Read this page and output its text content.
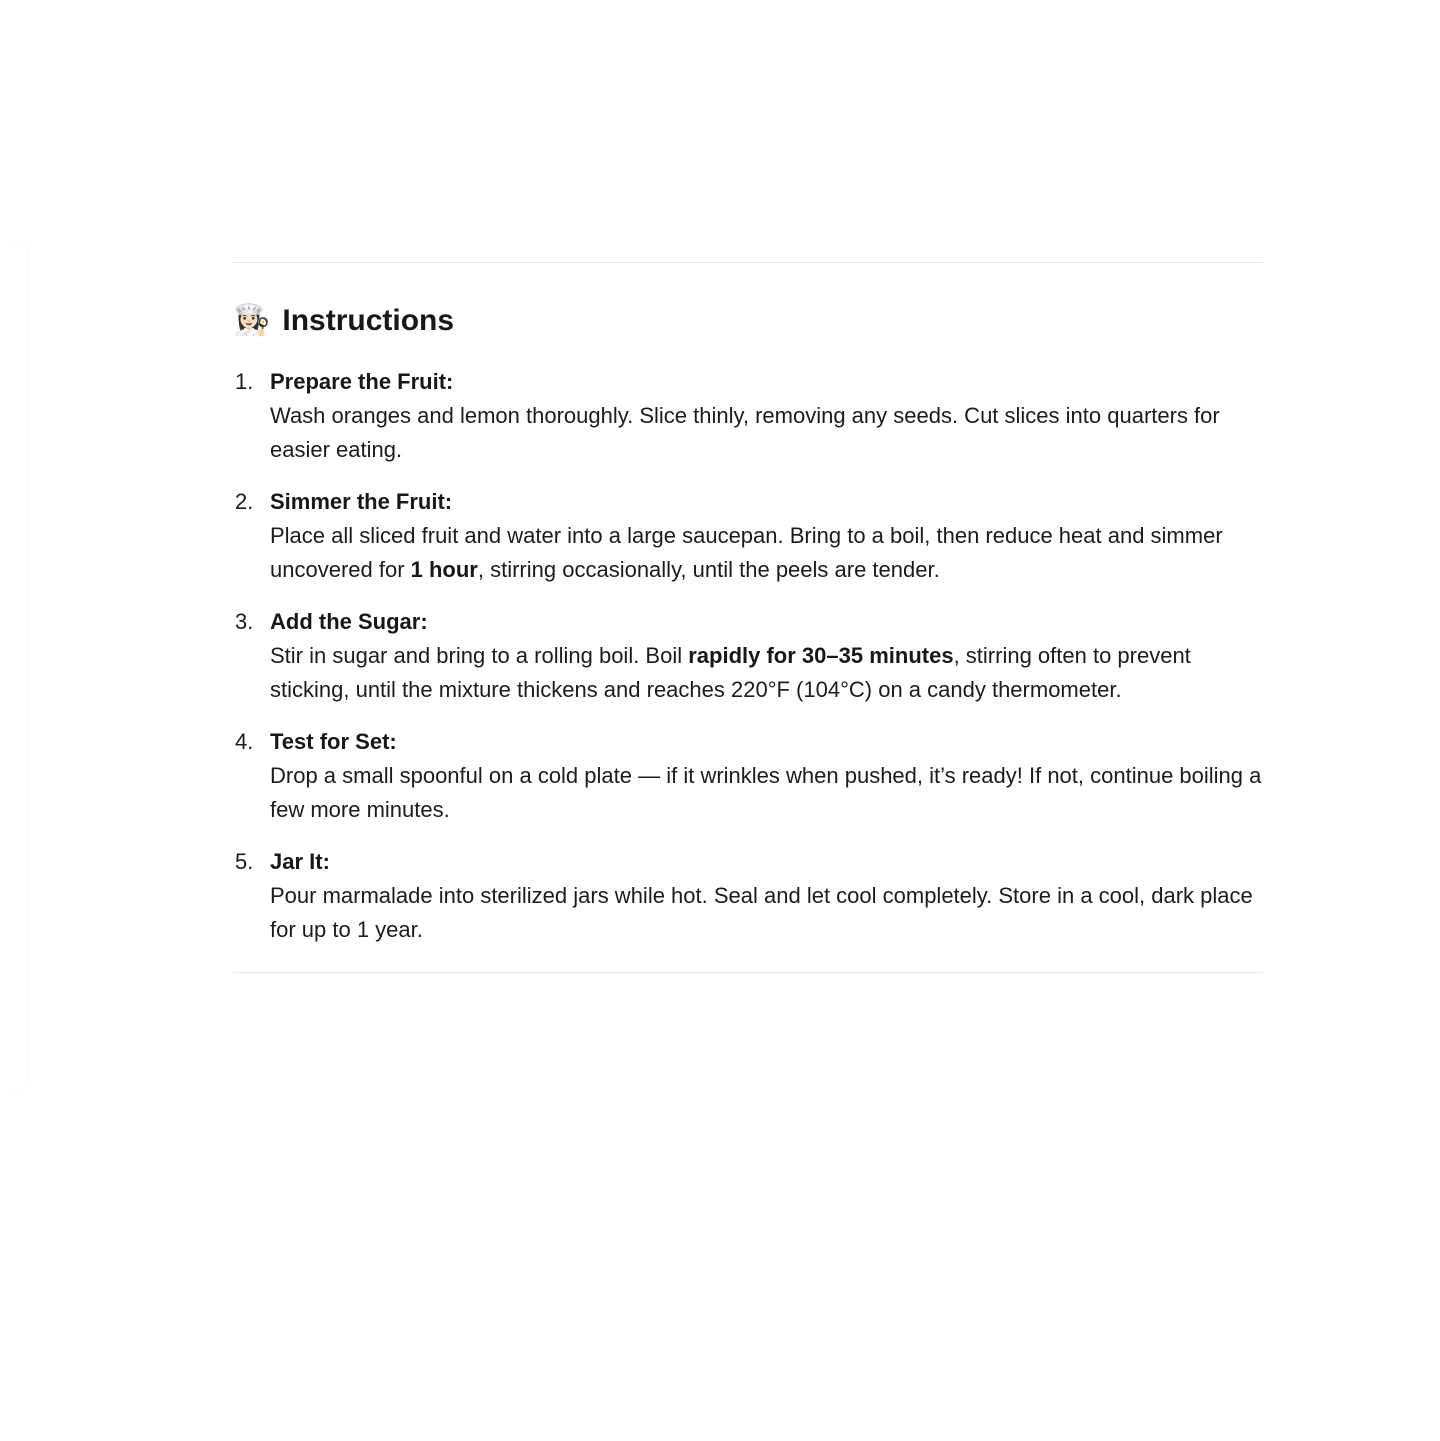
👩🏻‍🍳 Instructions
1. Prepare the Fruit:
Wash oranges and lemon thoroughly. Slice thinly, removing any seeds. Cut slices into quarters for easier eating.
2. Simmer the Fruit:
Place all sliced fruit and water into a large saucepan. Bring to a boil, then reduce heat and simmer uncovered for 1 hour, stirring occasionally, until the peels are tender.
3. Add the Sugar:
Stir in sugar and bring to a rolling boil. Boil rapidly for 30–35 minutes, stirring often to prevent sticking, until the mixture thickens and reaches 220°F (104°C) on a candy thermometer.
4. Test for Set:
Drop a small spoonful on a cold plate — if it wrinkles when pushed, it’s ready! If not, continue boiling a few more minutes.
5. Jar It:
Pour marmalade into sterilized jars while hot. Seal and let cool completely. Store in a cool, dark place for up to 1 year.
